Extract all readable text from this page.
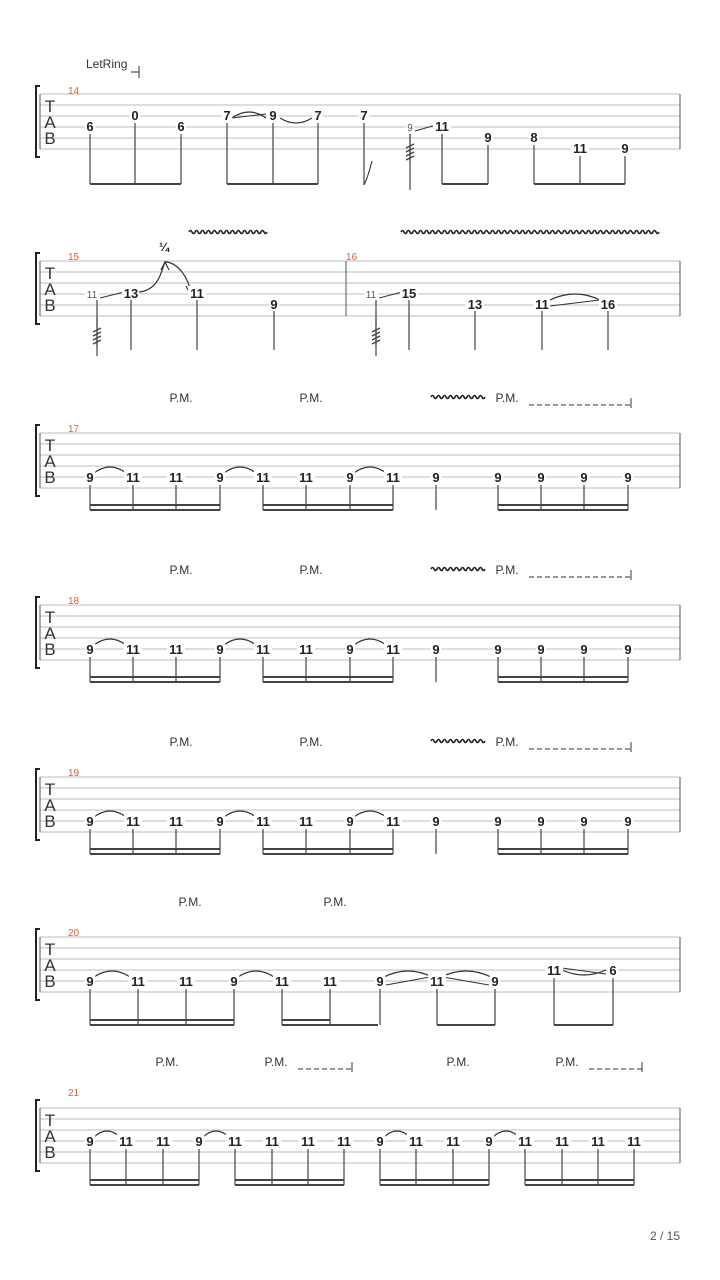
LetRing
T
A
B
14
6
0
6
7	9	7	7
9 11
9	8
11	9
T
A
B
15	16
11 13
¼
11
9
11 15
13	11	16
P.M.	P.M.	P.M.
T
A
B
17
9	11 11	9	11 11	9	11	9	9	9	9	9
P.M.	P.M.	P.M.
T
A
B
18
9	11 11	9	11 11	9	11	9	9	9	9	9
P.M.	P.M.	P.M.
T
A
B
19
9	11 11	9	11 11	9	11	9	9	9	9	9
P.M.	P.M.
T
A
B
20
9	11	11	9	11	11	9	11	9
11	6
P.M.	P.M.	P.M.	P.M.
T
A
B
21
9 11 11 9 11 11 11 11 9 11 11 9 11 11 11 11
2 / 15
